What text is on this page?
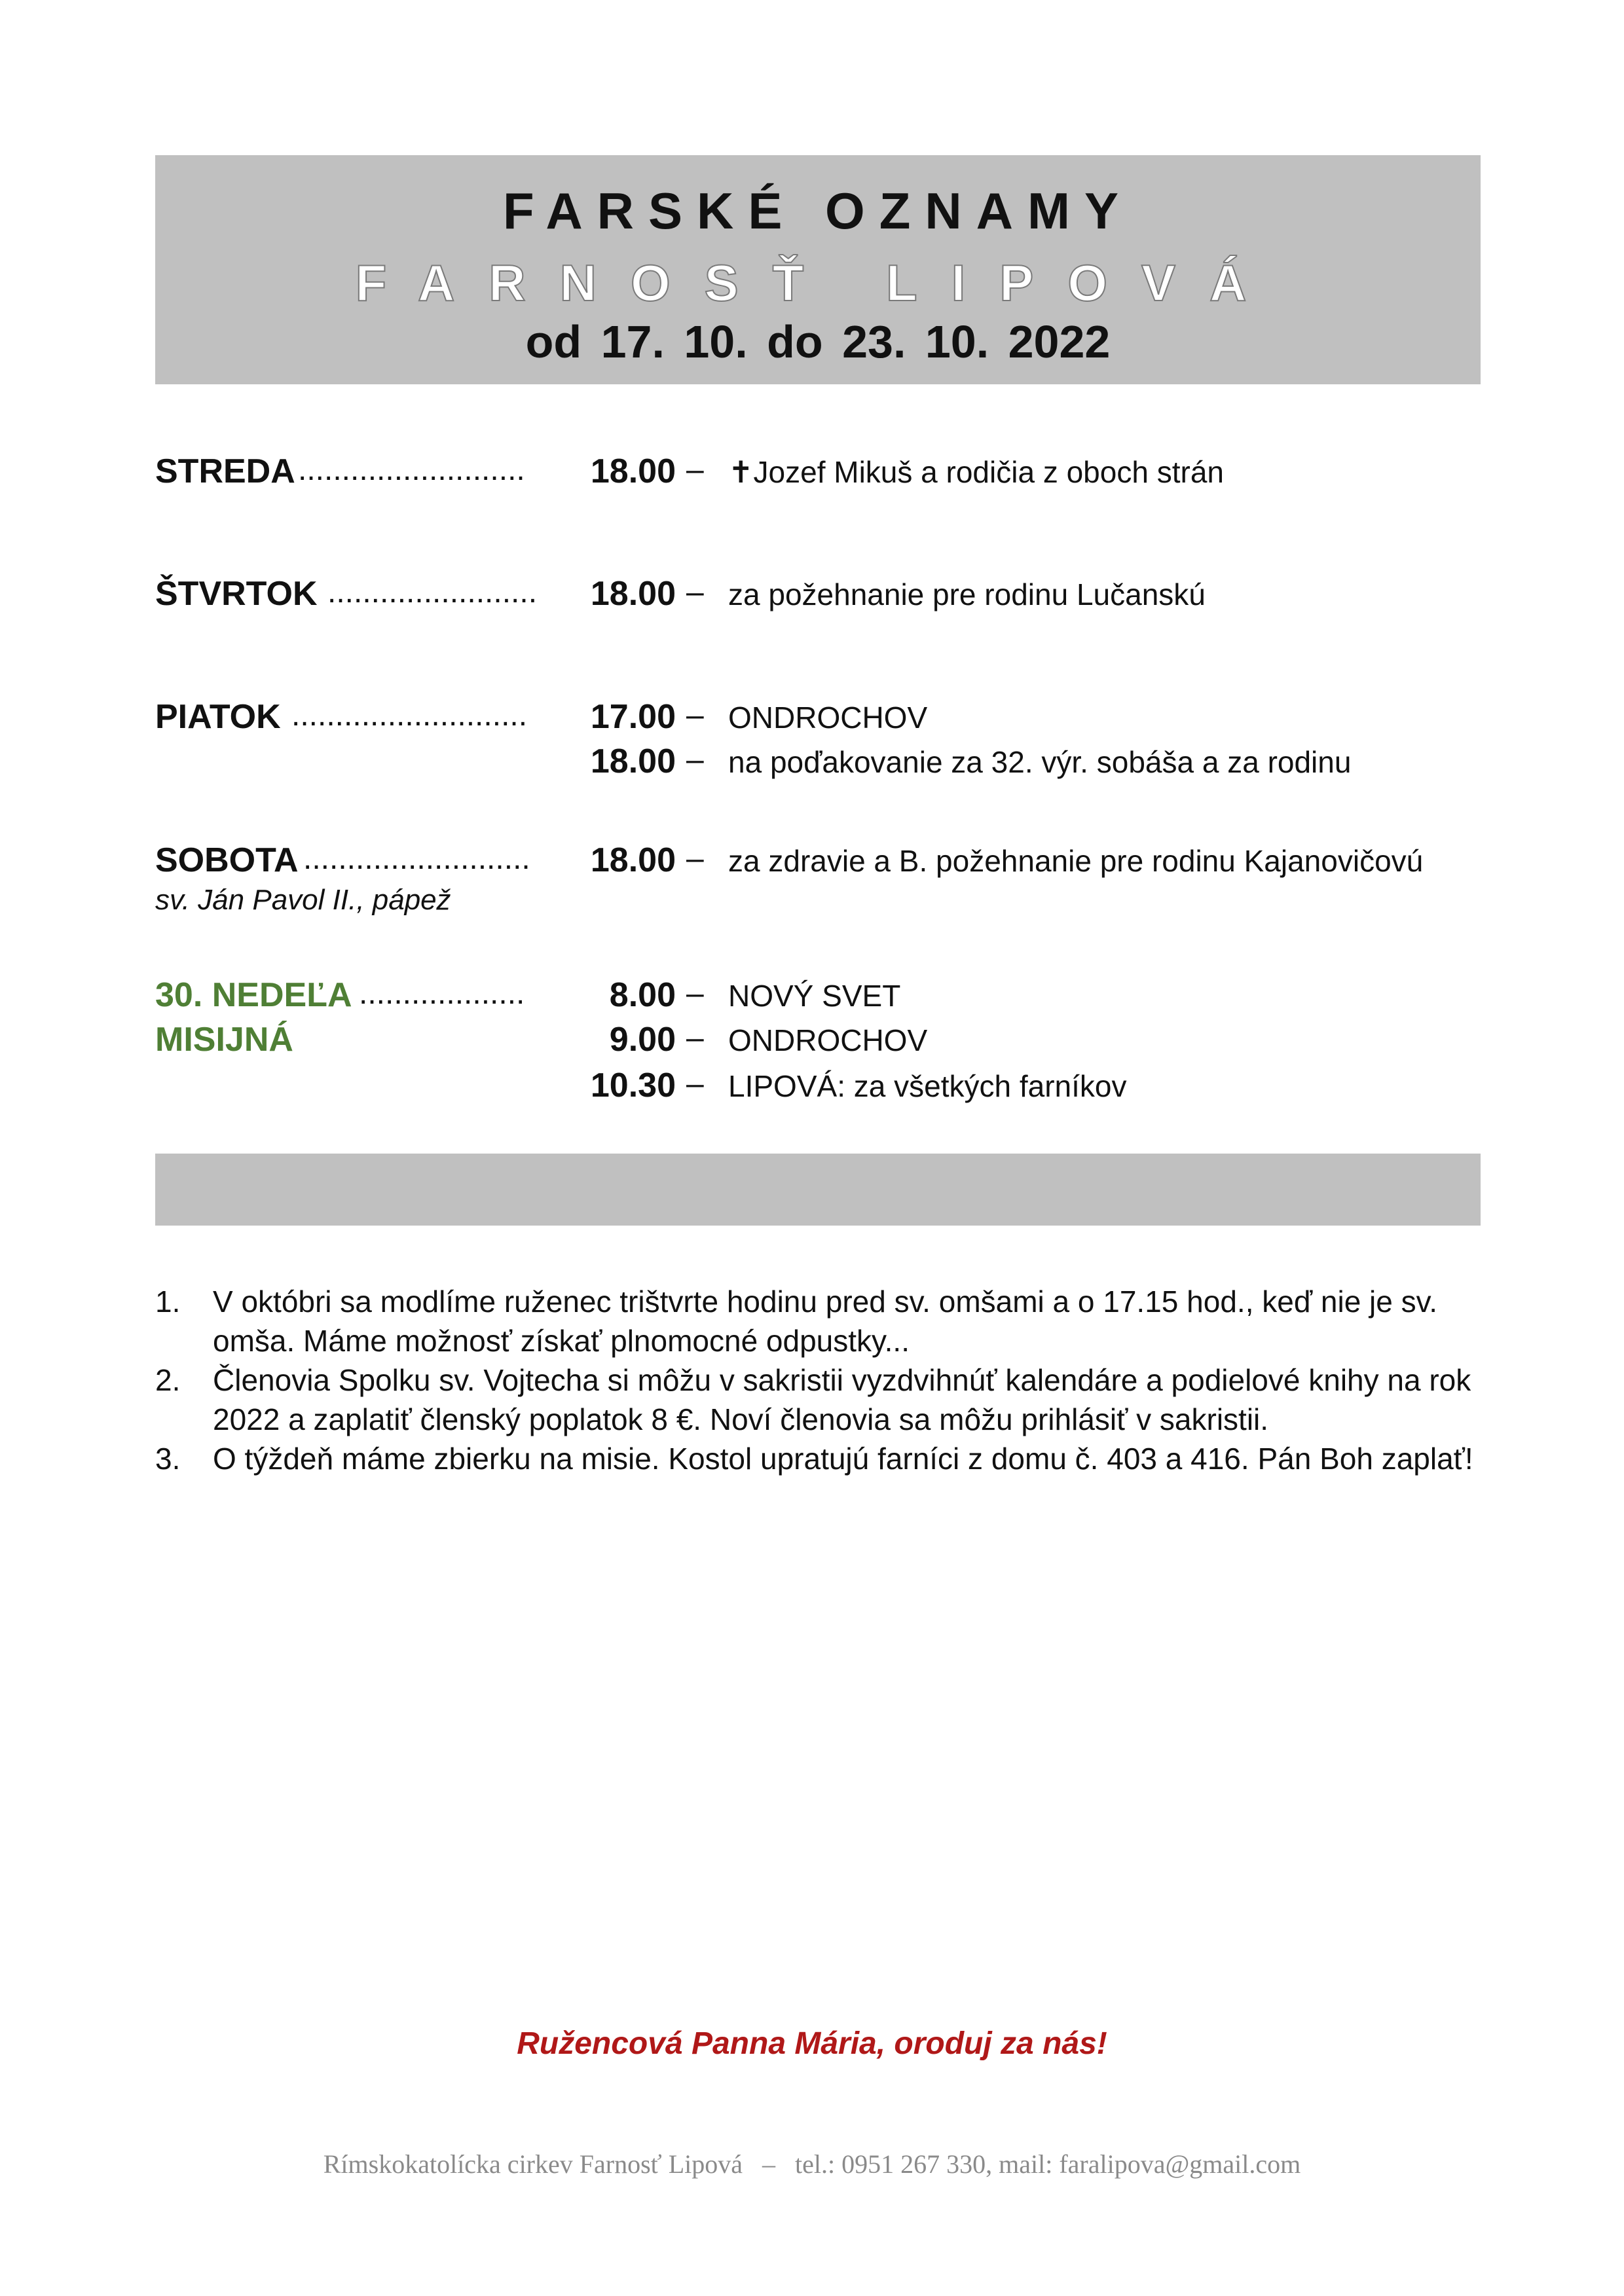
FARSKÉ OZNAMY
FARNOSŤ LIPOVÁ
od 17. 10. do 23. 10. 2022
STREDA ..........................	18.00 – ✝Jozef Mikuš a rodičia z oboch strán
ŠTVRTOK ........................	18.00 – za požehnanie pre rodinu Lučanskú
PIATOK ...........................	17.00 – ONDROCHOV
18.00 – na poďakovanie za 32. výr. sobáša a za rodinu
SOBOTA ..........................	18.00 – za zdravie a B. požehnanie pre rodinu Kajanovičovú
sv. Ján Pavol II., pápež
30. NEDEĽA ...................	8.00 – NOVÝ SVET
MISIJNÁ	9.00 – ONDROCHOV
10.30 – LIPOVÁ: za všetkých farníkov
1. V októbri sa modlíme ruženec trištvrte hodinu pred sv. omšami a o 17.15 hod., keď nie je sv. omša. Máme možnosť získať plnomocné odpustky...
2. Členovia Spolku sv. Vojtecha si môžu v sakristii vyzdvihnúť kalendáre a podielové knihy na rok 2022 a zaplatiť členský poplatok 8 €. Noví členovia sa môžu prihlásiť v sakristii.
3. O týždeň máme zbierku na misie. Kostol upratujú farníci z domu č. 403 a 416. Pán Boh zaplať!
Ružencová Panna Mária, oroduj za nás!
Rímskokatolícka cirkev Farnosť Lipová   –   tel.: 0951 267 330, mail: faralipova@gmail.com
